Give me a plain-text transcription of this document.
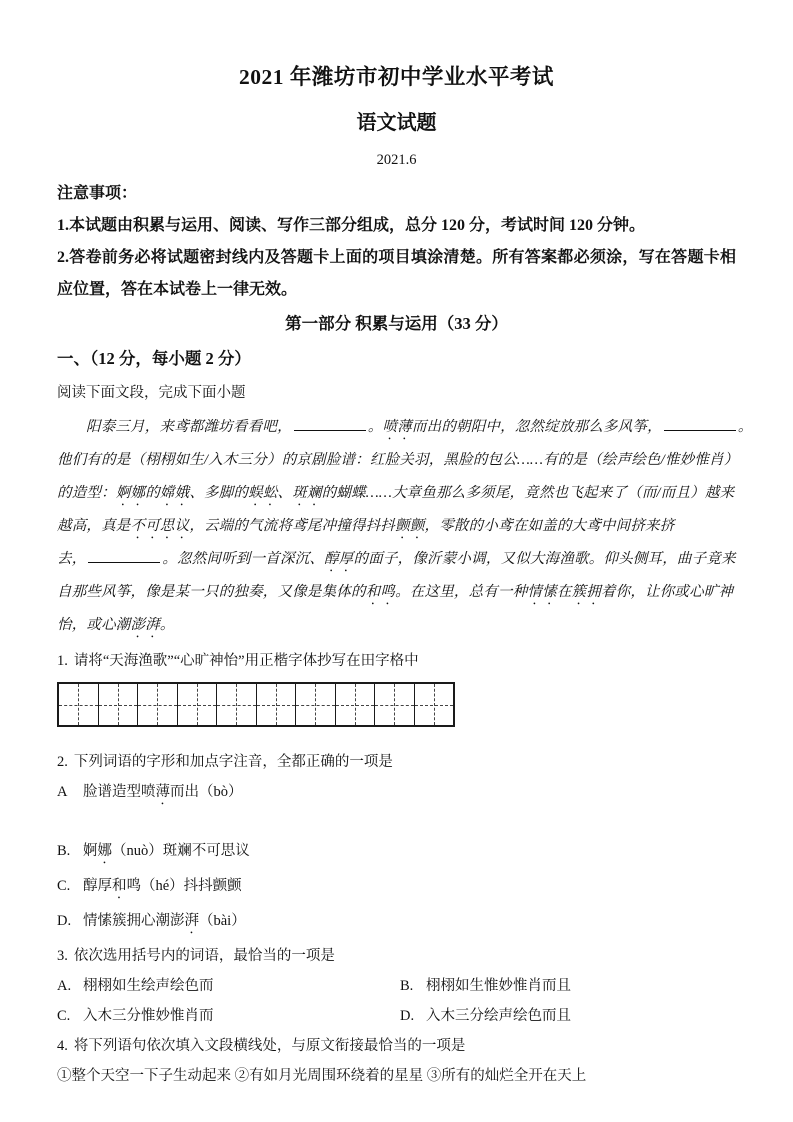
2021 年潍坊市初中学业水平考试
语文试题
2021.6
注意事项：
1.本试题由积累与运用、阅读、写作三部分组成，总分 120 分，考试时间 120 分钟。
2.答卷前务必将试题密封线内及答题卡上面的项目填涂清楚。所有答案都必须涂，写在答题卡相应位置，答在本试卷上一律无效。
第一部分 积累与运用（33 分）
一、（12 分，每小题 2 分）
阅读下面文段，完成下面小题
阳泰三月，来鸢都潍坊看看吧，	。喷薄而出的朝阳中，忽然绽放那么多风筝，	。
他们有的是（栩栩如生/入木三分）的京剧脸谱：红脸关羽，黑脸的包公……有的是（绘声绘色/惟妙惟肖）
的造型：婀娜的嫦娥、多脚的蜈蚣、斑斓的蝴蝶……大章鱼那么多须尾，竟然也飞起来了（而/而且）越来
越高，真是不可思议，云端的气流将鸢尾冲撞得抖抖颤颤，零散的小鸢在如盖的大鸢中间挤来挤
去，	。忽然间听到一首深沉、醇厚的面子，像沂蒙小调，又似大海渔歌。仰头侧耳，曲子竟来
自那些风筝，像是某一只的独奏，又像是集体的和鸣。在这里，总有一种情愫在簇拥着你，让你或心旷神
怡，或心潮澎湃。
1. 请将“天海渔歌”“心旷神怡”用正楷字体抄写在田字格中
2. 下列词语的字形和加点字注音，全都正确的一项是
A 脸谱造型喷薄而出（bò）
B. 婀娜（nuò）斑斓不可思议
C. 醇厚和鸣（hé）抖抖颤颤
D. 情愫簇拥心潮澎湃（bài）
3. 依次选用括号内的词语，最恰当的一项是
A. 栩栩如生绘声绘色而	B. 栩栩如生惟妙惟肖而且
C. 入木三分惟妙惟肖而	D. 入木三分绘声绘色而且
4. 将下列语句依次填入文段横线处，与原文衔接最恰当的一项是
①整个天空一下子生动起来 ②有如月光周围环绕着的星星 ③所有的灿烂全开在天上
